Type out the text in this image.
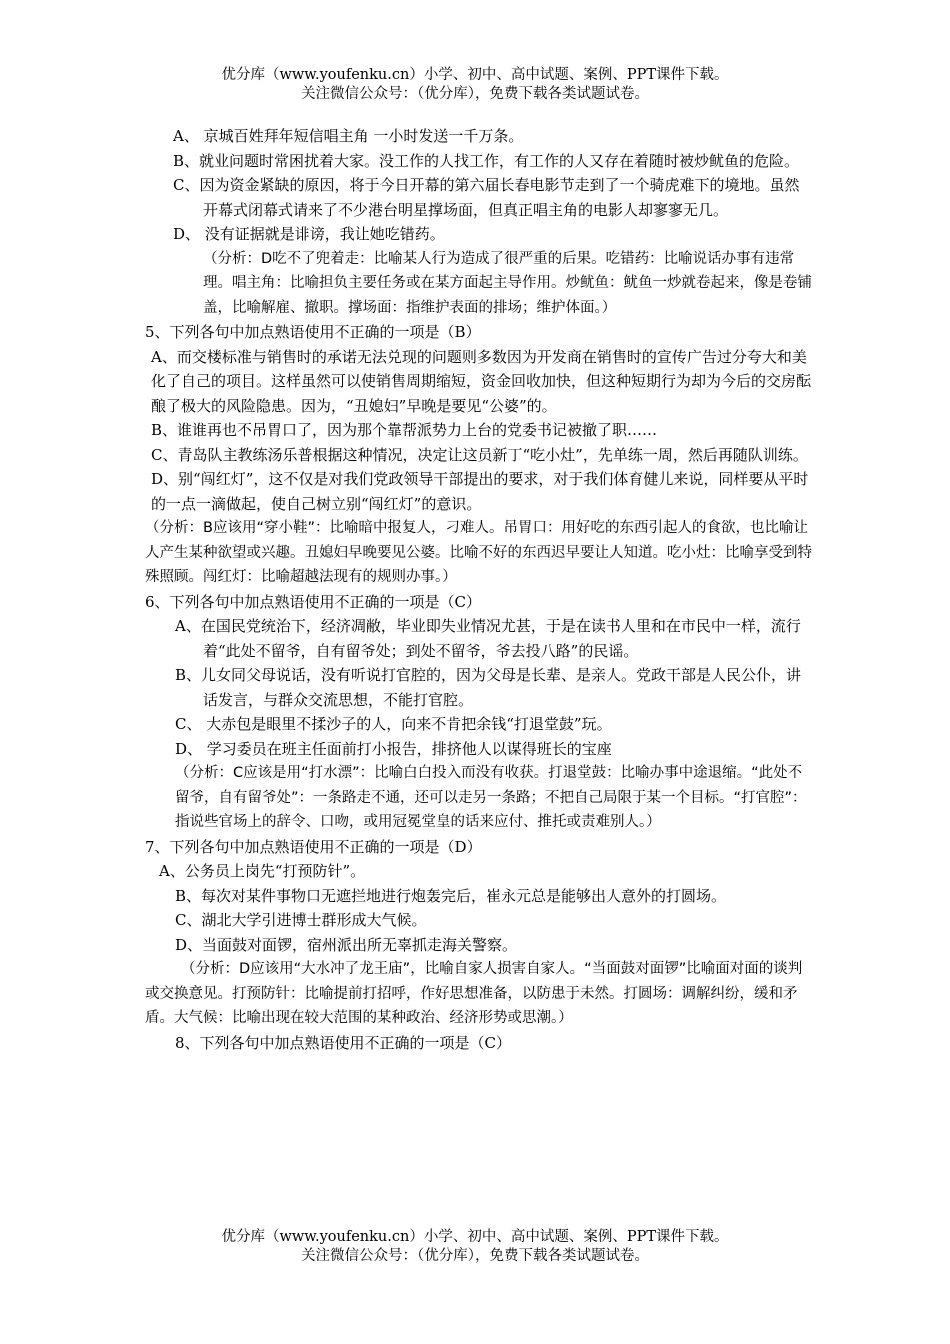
优分库（www.youfenku.cn）小学、初中、高中试题、案例、PPT课件下载。
关注微信公众号：（优分库），免费下载各类试题试卷。

A、 京城百姓拜年短信唱主角 一小时发送一千万条。

B、就业问题时常困扰着大家。没工作的人找工作，有工作的人又存在着随时被炒鱿鱼的危险。

C、因为资金紧缺的原因，将于今日开幕的第六届长春电影节走到了一个骑虎难下的境地。虽然开幕式闭幕式请来了不少港台明星撑场面，但真正唱主角的电影人却寥寥无几。

D、 没有证据就是诽谤，我让她吃错药。

（分析：D吃不了兜着走：比喻某人行为造成了很严重的后果。吃错药：比喻说话办事有违常理。唱主角：比喻担负主要任务或在某方面起主导作用。炒鱿鱼：鱿鱼一炒就卷起来，像是卷铺盖，比喻解雇、撤职。撑场面：指维护表面的排场；维护体面。）

5、下列各句中加点熟语使用不正确的一项是（B）

A、而交楼标准与销售时的承诺无法兑现的问题则多数因为开发商在销售时的宣传广告过分夸大和美化了自己的项目。这样虽然可以使销售周期缩短，资金回收加快，但这种短期行为却为今后的交房酝酿了极大的风险隐患。因为，“丑媳妇”早晚是要见“公婆”的。

B、谁谁再也不吊胃口了，因为那个靠帮派势力上台的党委书记被撤了职……

C、青岛队主教练汤乐普根据这种情况，决定让这员新丁“吃小灶”，先单练一周，然后再随队训练。

D、别“闯红灯”，这不仅是对我们党政领导干部提出的要求，对于我们体育健儿来说，同样要从平时的一点一滴做起，使自己树立别“闯红灯”的意识。

（分析：B应该用“穿小鞋”：比喻暗中报复人，刁难人。吊胃口：用好吃的东西引起人的食欲，也比喻让人产生某种欲望或兴趣。丑媳妇早晚要见公婆。比喻不好的东西迟早要让人知道。吃小灶：比喻享受到特殊照顾。闯红灯：比喻超越法现有的规则办事。）

6、下列各句中加点熟语使用不正确的一项是（C）

A、在国民党统治下，经济凋敝，毕业即失业情况尤甚，于是在读书人里和在市民中一样，流行着“此处不留爷，自有留爷处；到处不留爷，爷去投八路”的民谣。

B、儿女同父母说话，没有听说打官腔的，因为父母是长辈、是亲人。党政干部是人民公仆，讲话发言，与群众交流思想，不能打官腔。

C、 大赤包是眼里不揉沙子的人，向来不肯把余钱“打退堂鼓”玩。

D、 学习委员在班主任面前打小报告，排挤他人以谋得班长的宝座

（分析：C应该是用“打水漂”：比喻白白投入而没有收获。打退堂鼓：比喻办事中途退缩。“此处不留爷，自有留爷处”：一条路走不通，还可以走另一条路；不把自己局限于某一个目标。“打官腔”：指说些官场上的辞令、口吻，或用冠冕堂皇的话来应付、推托或责难别人。）

7、下列各句中加点熟语使用不正确的一项是（D）

A、公务员上岗先“打预防针”。

B、每次对某件事物口无遮拦地进行炮轰完后，崔永元总是能够出人意外的打圆场。

C、湖北大学引进博士群形成大气候。

D、当面鼓对面锣，宿州派出所无辜抓走海关警察。

（分析：D应该用“大水冲了龙王庙”，比喻自家人损害自家人。“当面鼓对面锣”比喻面对面的谈判或交换意见。打预防针：比喻提前打招呼，作好思想准备，以防患于未然。打圆场：调解纠纷，缓和矛盾。大气候：比喻出现在较大范围的某种政治、经济形势或思潮。）

8、下列各句中加点熟语使用不正确的一项是（C）

优分库（www.youfenku.cn）小学、初中、高中试题、案例、PPT课件下载。
关注微信公众号：（优分库），免费下载各类试题试卷。
